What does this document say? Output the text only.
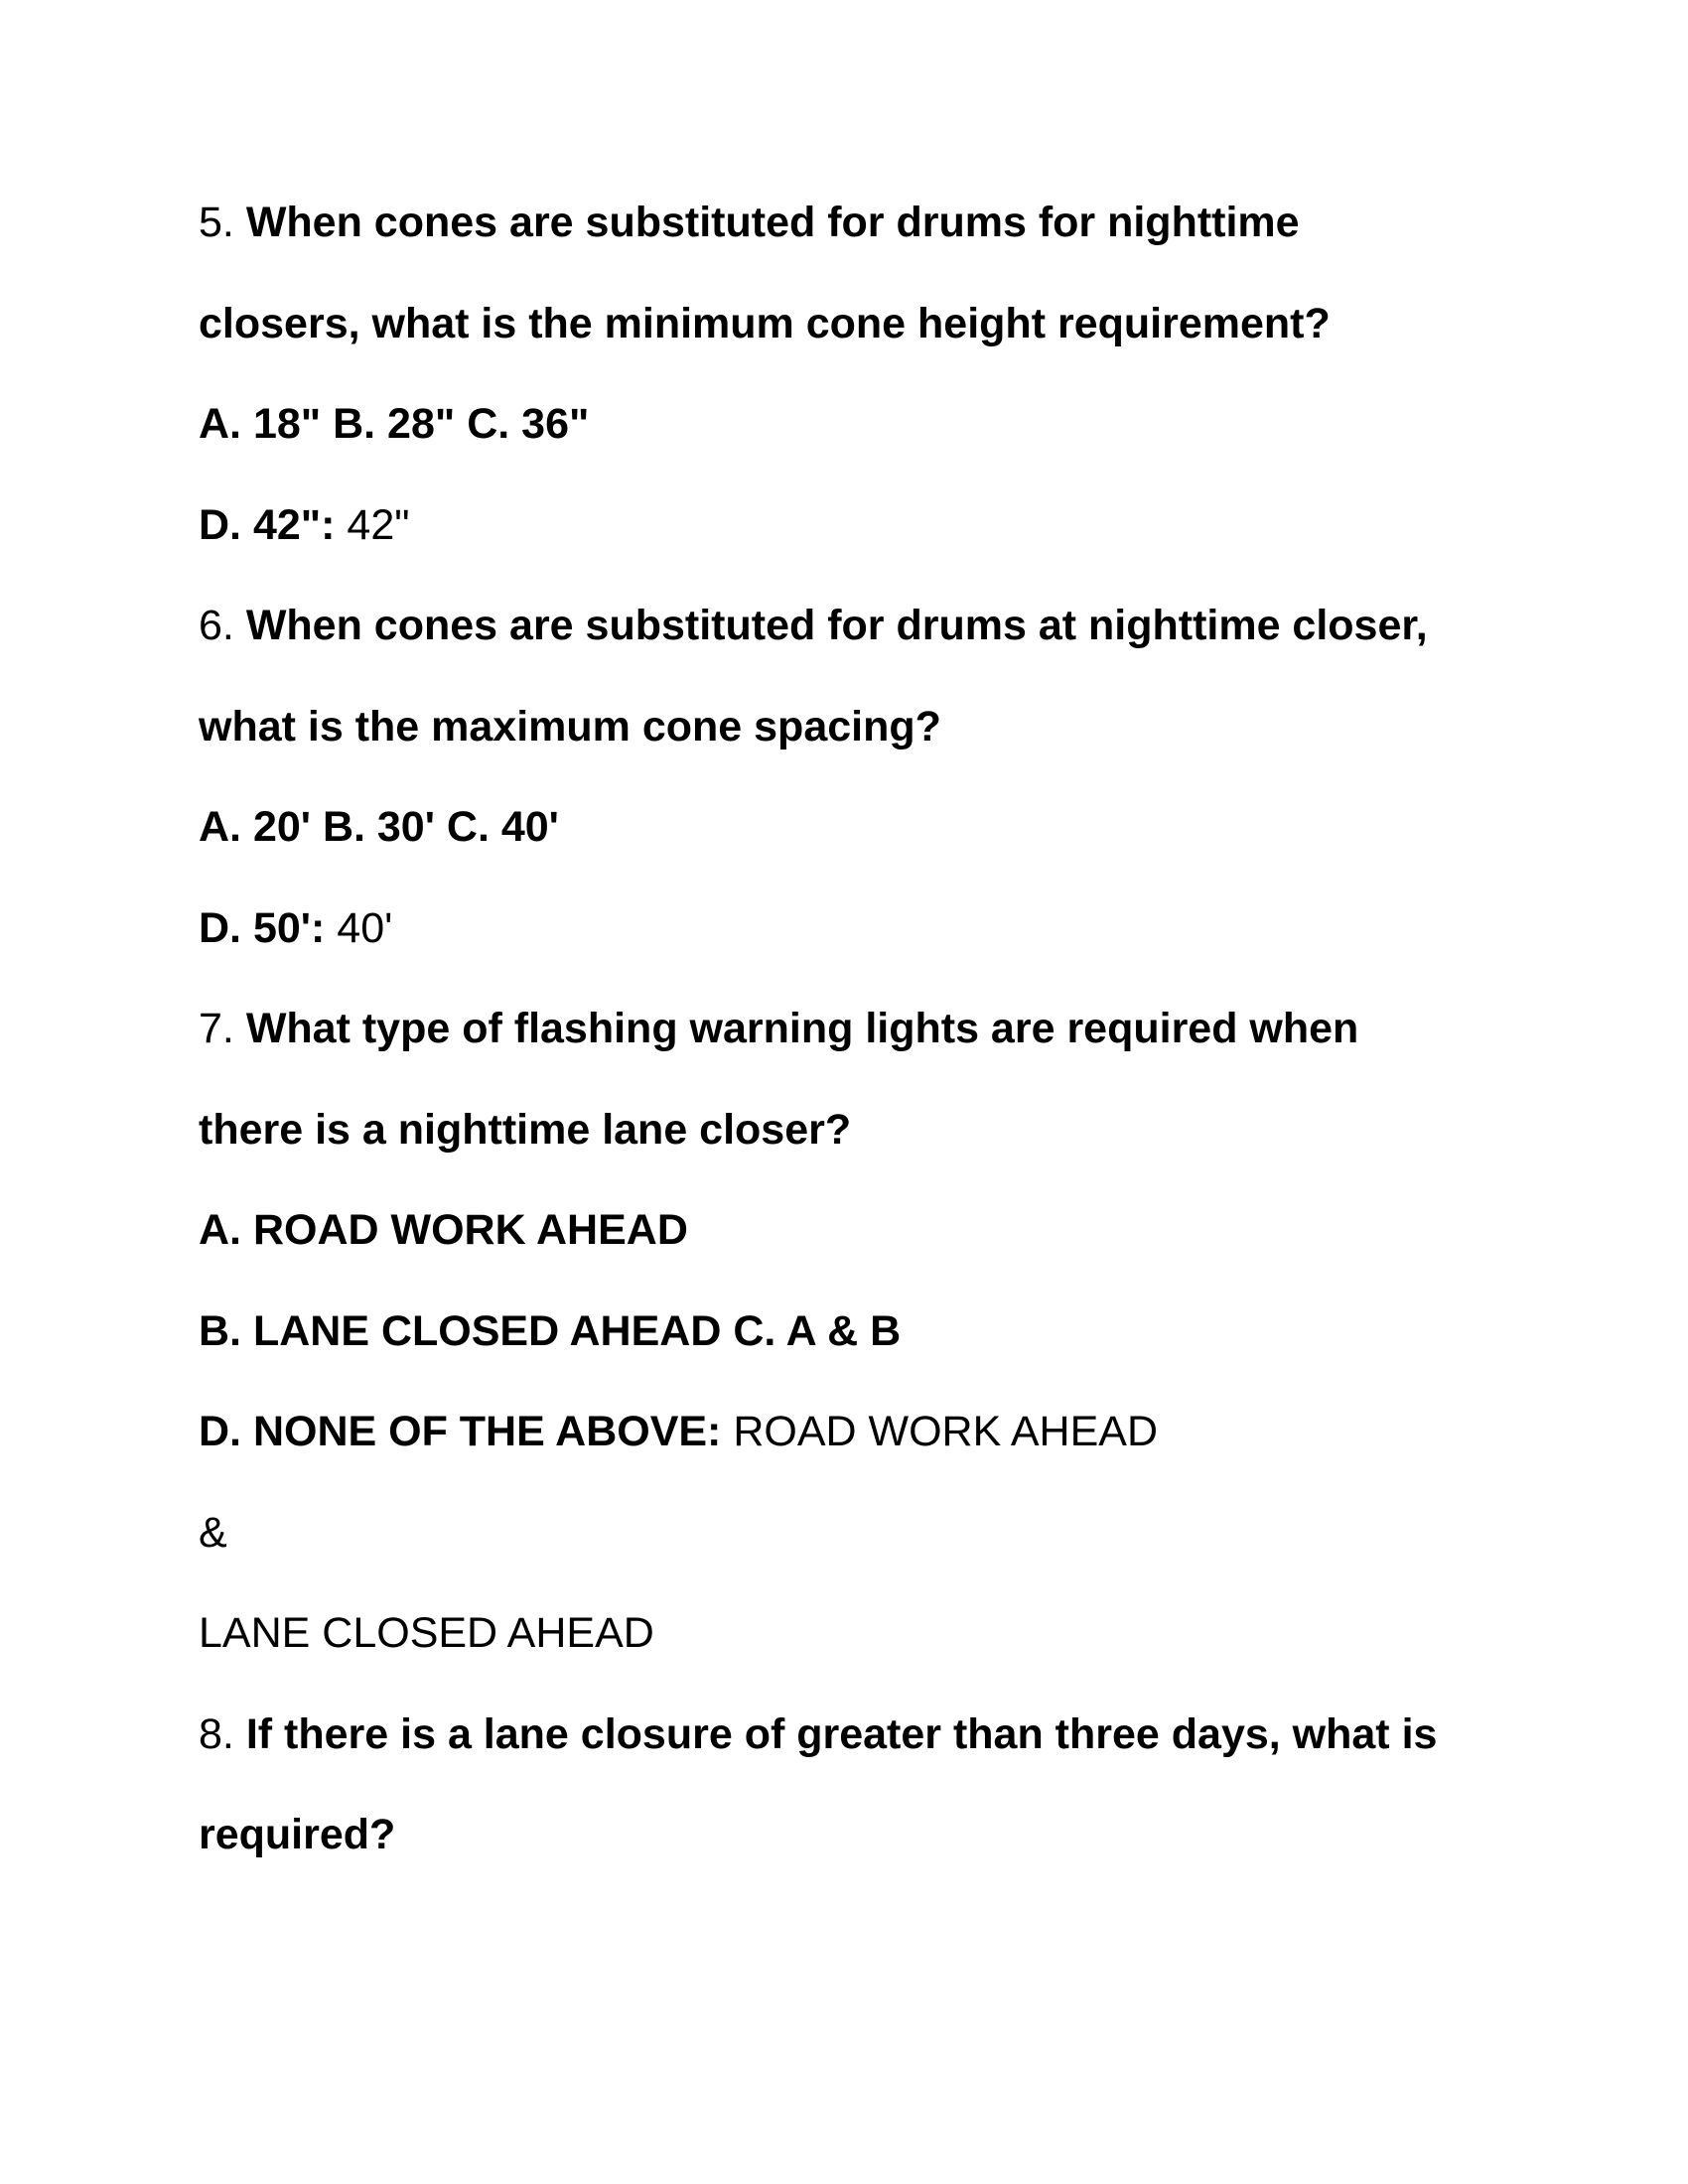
5. When cones are substituted for drums for nighttime
closers, what is the minimum cone height requirement?
A. 18" B. 28" C. 36"
D. 42": 42"
6. When cones are substituted for drums at nighttime closer,
what is the maximum cone spacing?
A. 20' B. 30' C. 40'
D. 50': 40'
7. What type of flashing warning lights are required when
there is a nighttime lane closer?
A. ROAD WORK AHEAD
B. LANE CLOSED AHEAD C. A & B
D. NONE OF THE ABOVE: ROAD WORK AHEAD
&
LANE CLOSED AHEAD
8. If there is a lane closure of greater than three days, what is
required?
